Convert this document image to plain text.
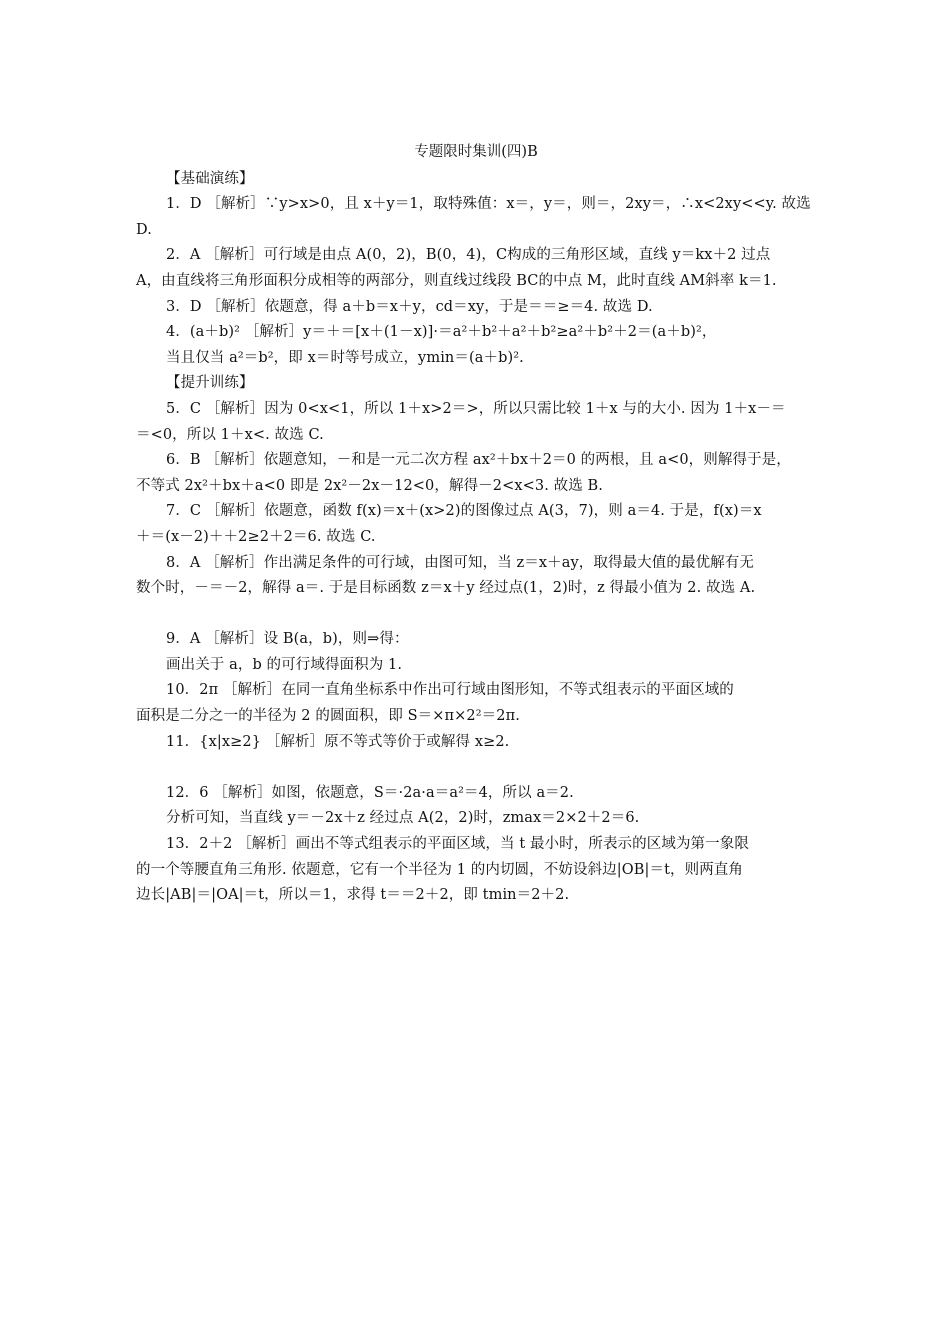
专题限时集训(四)B
【基础演练】
1．D ［解析］∵y>x>0，且 x＋y＝1，取特殊值：x＝，y＝，则＝，2xy＝，∴x<2xy<<y. 故选
D.
2．A ［解析］可行域是由点 A(0，2)，B(0，4)，C构成的三角形区域，直线 y＝kx＋2 过点
A，由直线将三角形面积分成相等的两部分，则直线过线段 BC的中点 M，此时直线 AM斜率 k＝1.
3．D ［解析］依题意，得 a＋b＝x＋y，cd＝xy，于是＝＝≥＝4. 故选 D.
4．(a＋b)² ［解析］y＝＋＝[x＋(1－x)]·＝a²＋b²＋a²＋b²≥a²＋b²＋2＝(a＋b)²，
当且仅当 a²＝b²，即 x＝时等号成立，ymin＝(a＋b)².
【提升训练】
5．C ［解析］因为 0<x<1，所以 1＋x>2＝>，所以只需比较 1＋x 与的大小. 因为 1＋x－＝
＝<0，所以 1＋x<. 故选 C.
6．B ［解析］依题意知，－和是一元二次方程 ax²＋bx＋2＝0 的两根，且 a<0，则解得于是，
不等式 2x²＋bx＋a<0 即是 2x²－2x－12<0，解得－2<x<3. 故选 B.
7．C ［解析］依题意，函数 f(x)＝x＋(x>2)的图像过点 A(3，7)，则 a＝4. 于是，f(x)＝x
＋＝(x－2)＋＋2≥2＋2＝6. 故选 C.
8．A ［解析］作出满足条件的可行域，由图可知，当 z＝x＋ay，取得最大值的最优解有无
数个时，－＝－2，解得 a＝. 于是目标函数 z＝x＋y 经过点(1，2)时，z 得最小值为 2. 故选 A.
9．A ［解析］设 B(a，b)，则⇒得：
画出关于 a，b 的可行域得面积为 1.
10．2π ［解析］在同一直角坐标系中作出可行域由图形知，不等式组表示的平面区域的
面积是二分之一的半径为 2 的圆面积，即 S＝×π×2²＝2π.
11．{x|x≥2} ［解析］原不等式等价于或解得 x≥2.
12．6 ［解析］如图，依题意，S＝·2a·a＝a²＝4，所以 a＝2.
分析可知，当直线 y＝－2x＋z 经过点 A(2，2)时，zmax＝2×2＋2＝6.
13．2＋2 ［解析］画出不等式组表示的平面区域，当 t 最小时，所表示的区域为第一象限
的一个等腰直角三角形. 依题意，它有一个半径为 1 的内切圆，不妨设斜边|OB|＝t，则两直角
边长|AB|＝|OA|＝t，所以＝1，求得 t＝＝2＋2，即 tmin＝2＋2.
